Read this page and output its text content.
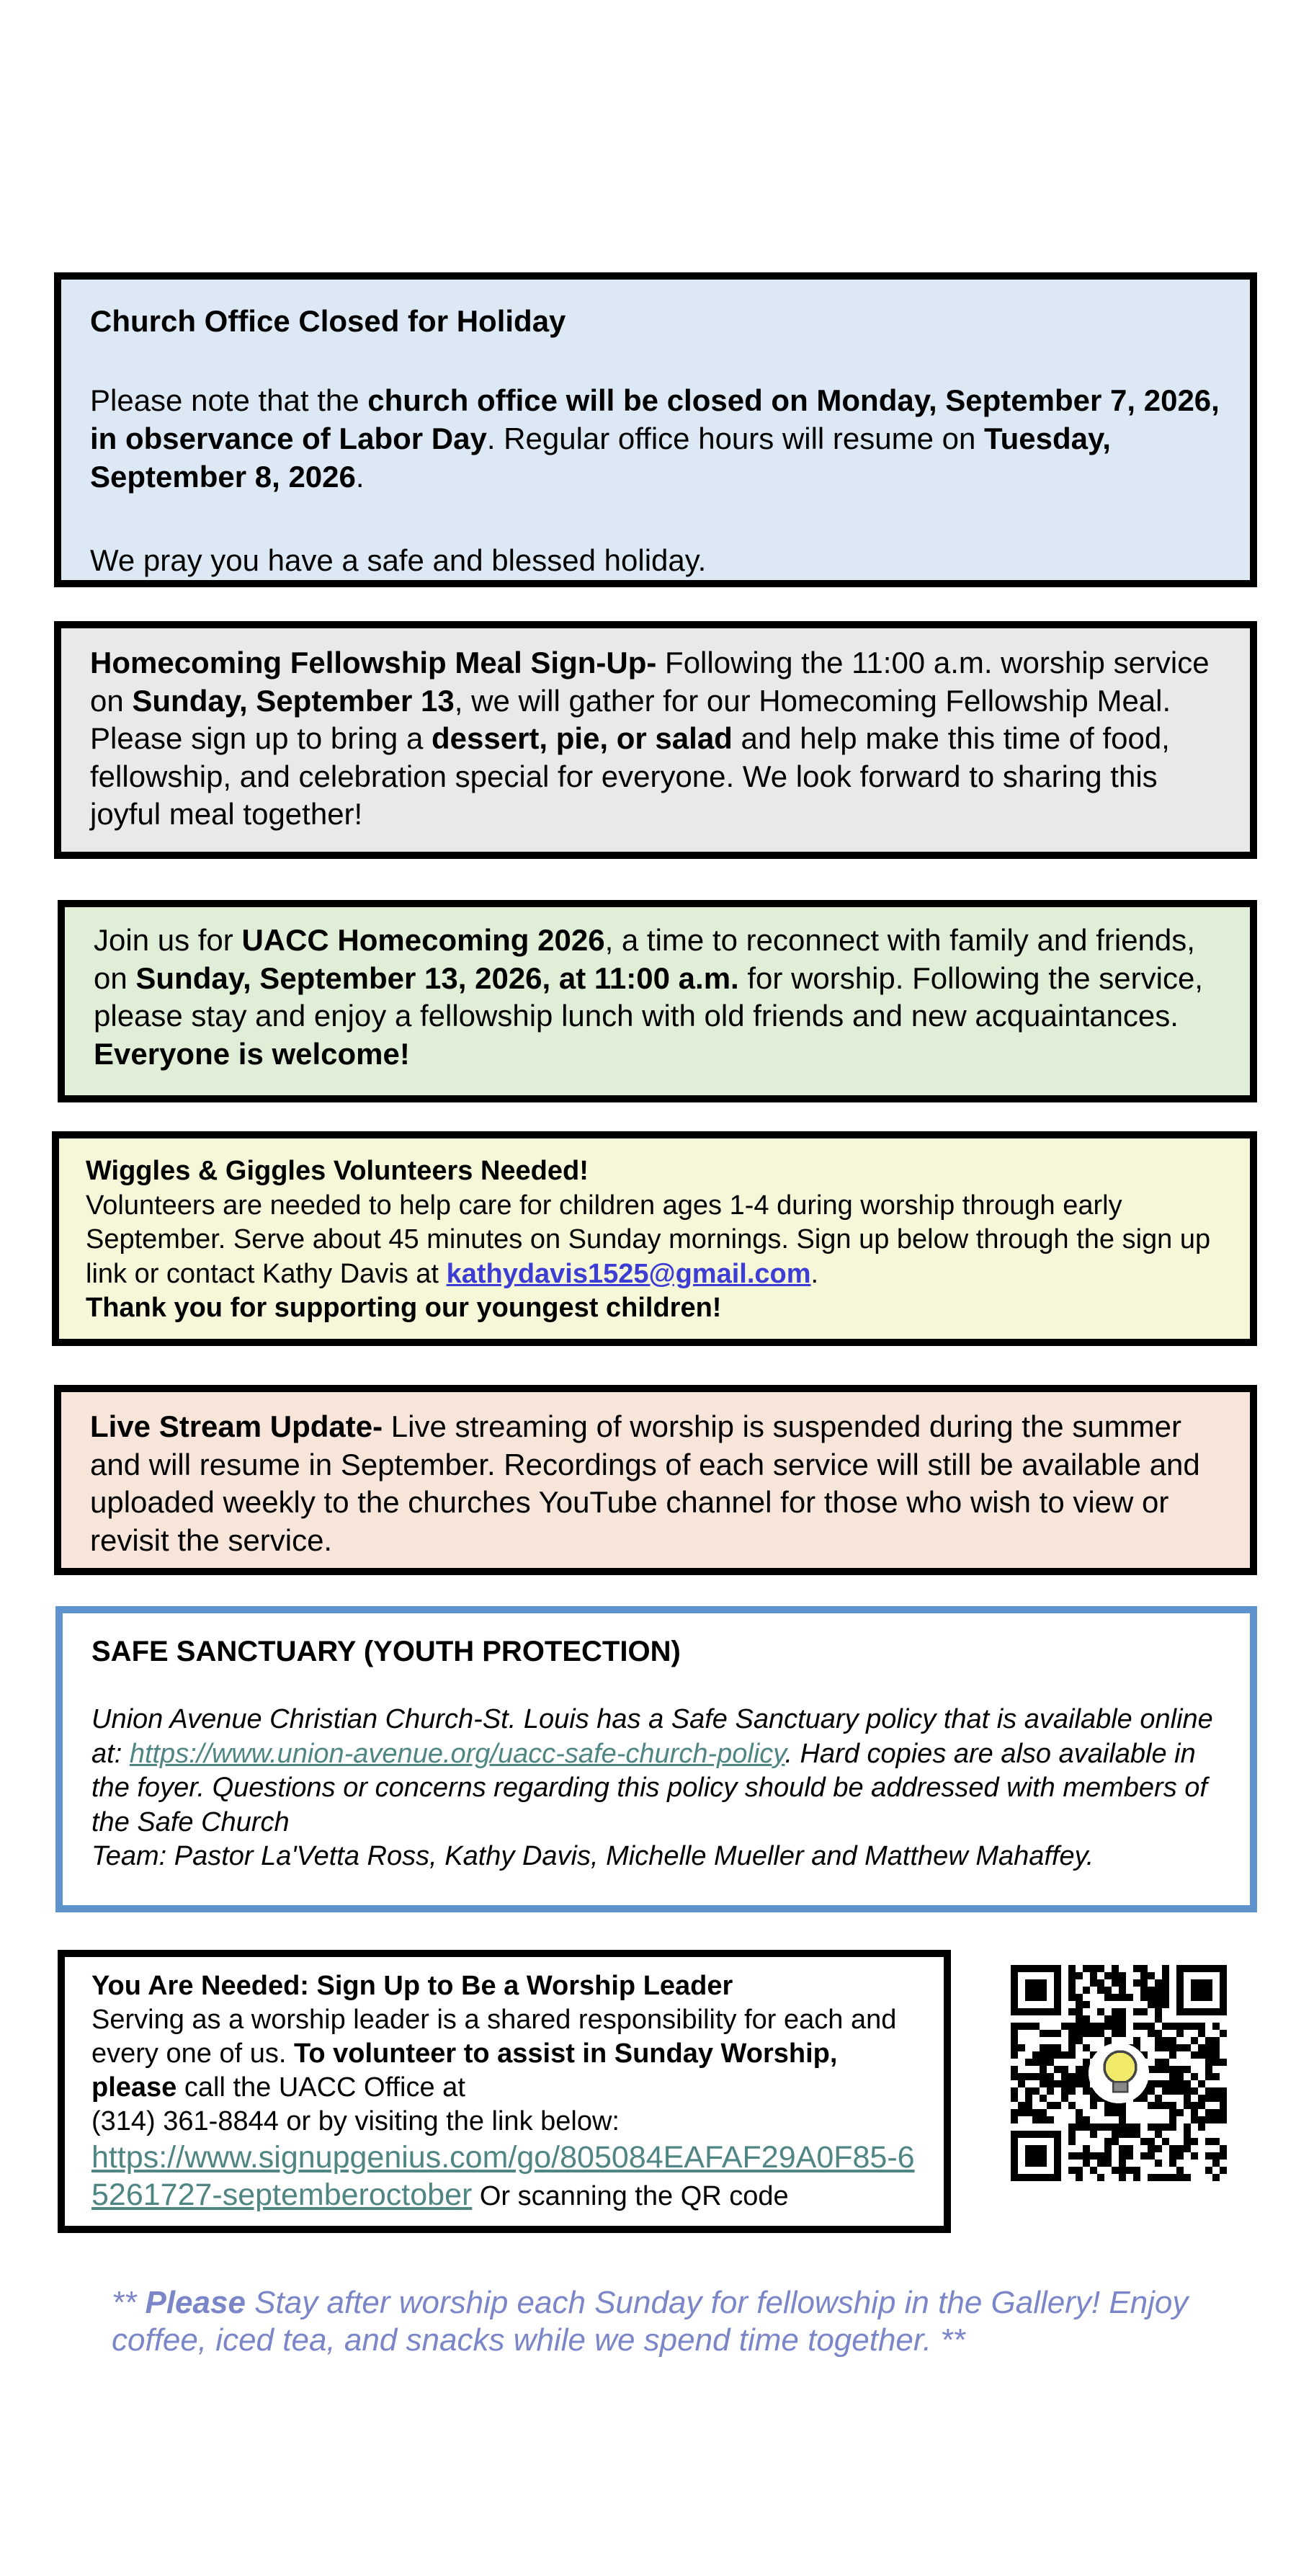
Church Office Closed for Holiday

Please note that the church office will be closed on Monday, September 7, 2026, in observance of Labor Day. Regular office hours will resume on Tuesday, September 8, 2026.

We pray you have a safe and blessed holiday.

Homecoming Fellowship Meal Sign-Up- Following the 11:00 a.m. worship service on Sunday, September 13, we will gather for our Homecoming Fellowship Meal. Please sign up to bring a dessert, pie, or salad and help make this time of food, fellowship, and celebration special for everyone. We look forward to sharing this joyful meal together!

Join us for UACC Homecoming 2026, a time to reconnect with family and friends, on Sunday, September 13, 2026, at 11:00 a.m. for worship. Following the service, please stay and enjoy a fellowship lunch with old friends and new acquaintances. Everyone is welcome!

Wiggles & Giggles Volunteers Needed!

Volunteers are needed to help care for children ages 1-4 during worship through early September. Serve about 45 minutes on Sunday mornings. Sign up below through the sign up link or contact Kathy Davis at kathydavis1525@gmail.com.

Thank you for supporting our youngest children!

Live Stream Update- Live streaming of worship is suspended during the summer and will resume in September. Recordings of each service will still be available and uploaded weekly to the churches YouTube channel for those who wish to view or revisit the service.

SAFE SANCTUARY (YOUTH PROTECTION)

Union Avenue Christian Church-St. Louis has a Safe Sanctuary policy that is available online at: https://www.union-avenue.org/uacc-safe-church-policy. Hard copies are also available in the foyer. Questions or concerns regarding this policy should be addressed with members of the Safe Church

Team: Pastor La'Vetta Ross, Kathy Davis, Michelle Mueller and Matthew Mahaffey.

You Are Needed: Sign Up to Be a Worship Leader

Serving as a worship leader is a shared responsibility for each and every one of us. To volunteer to assist in Sunday Worship, please call the UACC Office at

(314) 361-8844 or by visiting the link below:

https://www.signupgenius.com/go/805084EAFAF29A0F85-65261727-septemberoctober Or scanning the QR code

** Please Stay after worship each Sunday for fellowship in the Gallery! Enjoy coffee, iced tea, and snacks while we spend time together. **
